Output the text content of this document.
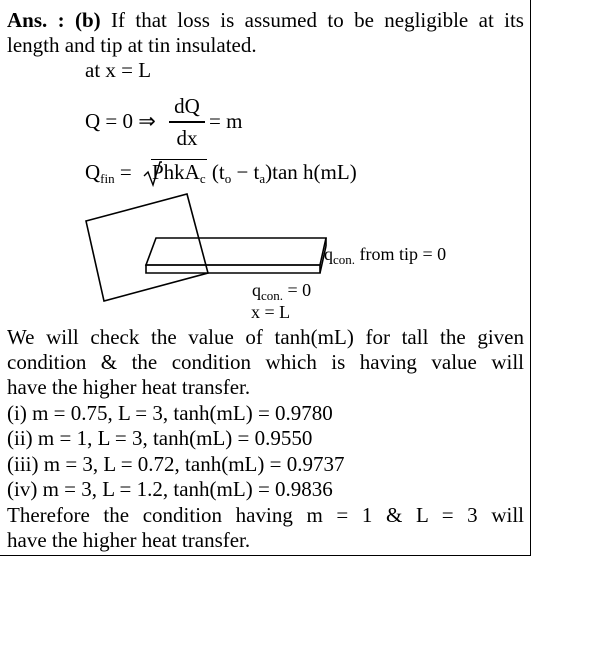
Ans. : (b) If that loss is assumed to be negligible at its
length and tip at tin insulated.
at x = L
Q = 0 ⇒
dQ
dx
= m
$Q_{fin}$ = PhkA$_c$ $(t_o - t_a)\tan$ h(mL)
$q_{con.}$ from tip = 0
$q_{con.} = 0$
x = L
We will check the value of tanh(mL) for tall the given
condition & the condition which is having value will
have the higher heat transfer.
(i) m = 0.75, L = 3, tanh(mL) = 0.9780
(ii) m = 1, L = 3, tanh(mL) = 0.9550
(iii) m = 3, L = 0.72, tanh(mL) = 0.9737
(iv) m = 3, L = 1.2, tanh(mL) = 0.9836
Therefore the condition having m = 1 & L = 3 will
have the higher heat transfer.
